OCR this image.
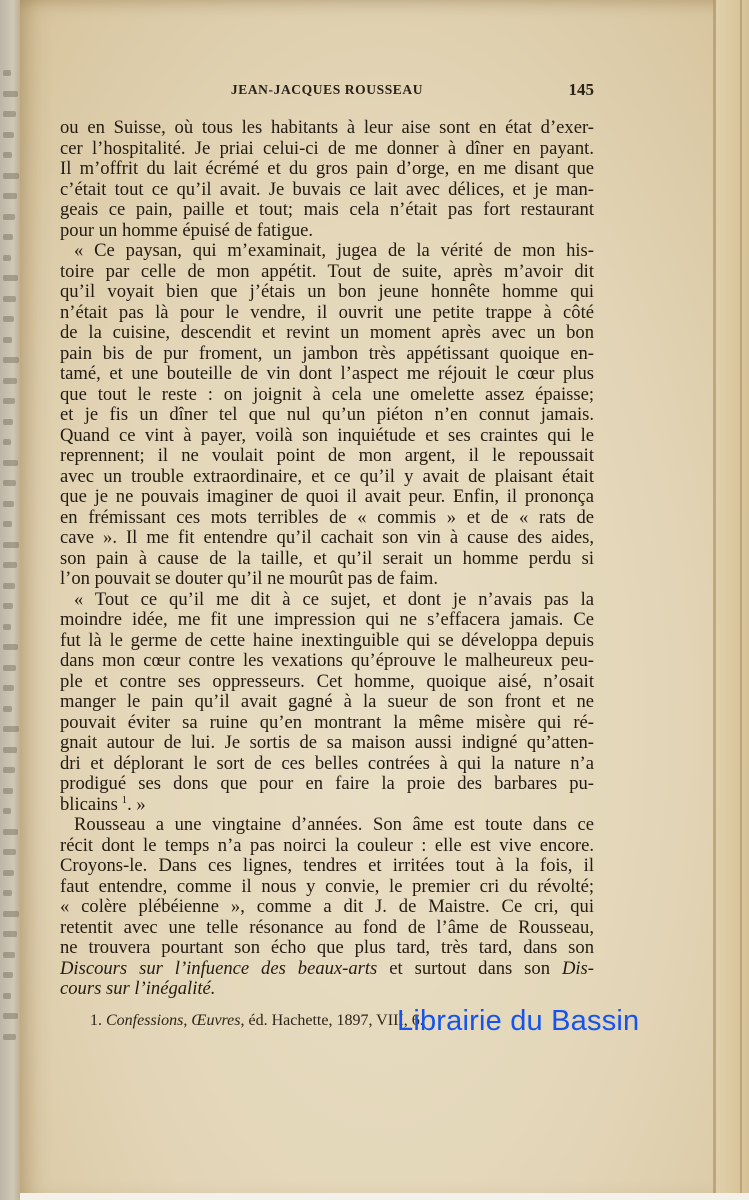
JEAN-JACQUES ROUSSEAU	145
ou en Suisse, où tous les habitants à leur aise sont en état d’exer-
cer l’hospitalité. Je priai celui-ci de me donner à dîner en payant.
Il m’offrit du lait écrémé et du gros pain d’orge, en me disant que
c’était tout ce qu’il avait. Je buvais ce lait avec délices, et je man-
geais ce pain, paille et tout; mais cela n’était pas fort restaurant
pour un homme épuisé de fatigue.
« Ce paysan, qui m’examinait, jugea de la vérité de mon his-
toire par celle de mon appétit. Tout de suite, après m’avoir dit
qu’il voyait bien que j’étais un bon jeune honnête homme qui
n’était pas là pour le vendre, il ouvrit une petite trappe à côté
de la cuisine, descendit et revint un moment après avec un bon
pain bis de pur froment, un jambon très appétissant quoique en-
tamé, et une bouteille de vin dont l’aspect me réjouit le cœur plus
que tout le reste : on joignit à cela une omelette assez épaisse;
et je fis un dîner tel que nul qu’un piéton n’en connut jamais.
Quand ce vint à payer, voilà son inquiétude et ses craintes qui le
reprennent; il ne voulait point de mon argent, il le repoussait
avec un trouble extraordinaire, et ce qu’il y avait de plaisant était
que je ne pouvais imaginer de quoi il avait peur. Enfin, il prononça
en frémissant ces mots terribles de « commis » et de « rats de
cave ». Il me fit entendre qu’il cachait son vin à cause des aides,
son pain à cause de la taille, et qu’il serait un homme perdu si
l’on pouvait se douter qu’il ne mourût pas de faim.
« Tout ce qu’il me dit à ce sujet, et dont je n’avais pas la
moindre idée, me fit une impression qui ne s’effacera jamais. Ce
fut là le germe de cette haine inextinguible qui se développa depuis
dans mon cœur contre les vexations qu’éprouve le malheureux peu-
ple et contre ses oppresseurs. Cet homme, quoique aisé, n’osait
manger le pain qu’il avait gagné à la sueur de son front et ne
pouvait éviter sa ruine qu’en montrant la même misère qui ré-
gnait autour de lui. Je sortis de sa maison aussi indigné qu’atten-
dri et déplorant le sort de ces belles contrées à qui la nature n’a
prodigué ses dons que pour en faire la proie des barbares pu-
blicains  $^1$. »
Rousseau a une vingtaine d’années. Son âme est toute dans ce
récit dont le temps n’a pas noirci la couleur : elle est vive encore.
Croyons-le. Dans ces lignes, tendres et irritées tout à la fois, il
faut entendre, comme il nous y convie, le premier cri du révolté;
« colère plébéienne », comme a dit J. de Maistre. Ce cri, qui
retentit avec une telle résonance au fond de l’âme de Rousseau,
ne trouvera pourtant son écho que plus tard, très tard, dans son
Discours sur l’infuence des beaux-arts et surtout dans son Dis-
cours sur l’inégalité.
1. Confessions, Œuvres, éd. Hachette, 1897, VIII, 6.
Librairie du Bassin
